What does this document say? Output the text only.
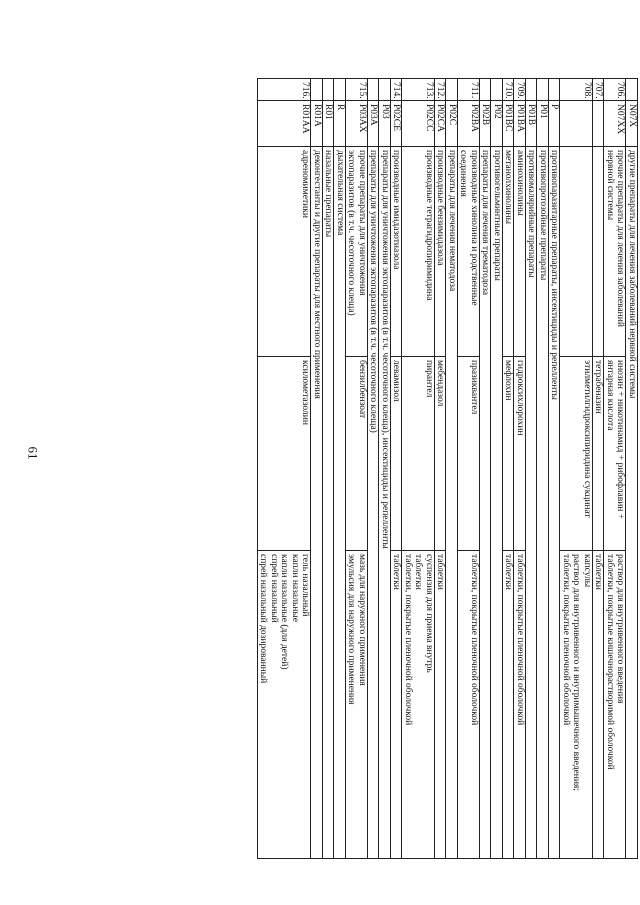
61
	N07X	другие препараты для лечения заболеваний нервной системы		
706.	N07XX	прочие препараты для лечения заболеваний нервной системы	инозин + никотинамид + рибофлавин + янтарная кислота	раствор для внутривенного введения
таблетки, покрытые кишечнорастворимой оболочкой
707.			тетрабеназин	таблетки
708.			этилметилгидроксипиридина сукцинат	капсулы
раствор для внутривенного и внутримышечного введения;
таблетки, покрытые пленочной оболочкой
	P	противопаразитарные препараты, инсектициды и репелленты		
	P01	противопротозойные препараты		
	P01B	противомалярийные препараты		
709.	P01BA	аминохинолины	гидроксихлорохин	таблетки, покрытые пленочной оболочкой
710.	P01BC	метанолхинолины	мефлохин	таблетки
	P02	противогельминтные препараты		
	P02B	препараты для лечения трематодоза		
711.	P02BA	производные хинолина и родственные соединения	празиквантел	таблетки, покрытые пленочной оболочкой
	P02C	препараты для лечения нематодоза		
712.	P02CA	производные бензимидазола	мебендазол	таблетки
713.	P02CC	производные тетрагидропиримидина	пирантел	суспензия для приема внутрь
таблетки
таблетки, покрытые пленочной оболочкой
714.	P02CE	производные имидазотиазола	левамизол	таблетки
	P03	препараты для уничтожения эктопаразитов (в т.ч. чесоточного клеща), инсектициды и репелленты		
	P03A	препараты для уничтожения эктопаразитов (в т.ч. чесоточного клеща)		
715.	P03AX	прочие препараты для уничтожения эктопаразитов (в т.ч. чесоточного клеща)	бензилбензоат	мазь для наружного применения
эмульсия для наружного применения
	R	дыхательная система		
	R01	назальные препараты		
	R01A	деконгестанты и другие препараты для местного применения		
716.	R01AA	адреномиметики	ксилометазолин	гель назальный
капли назальные
капли назальные (для детей)
спрей назальный
спрей назальный дозированный
